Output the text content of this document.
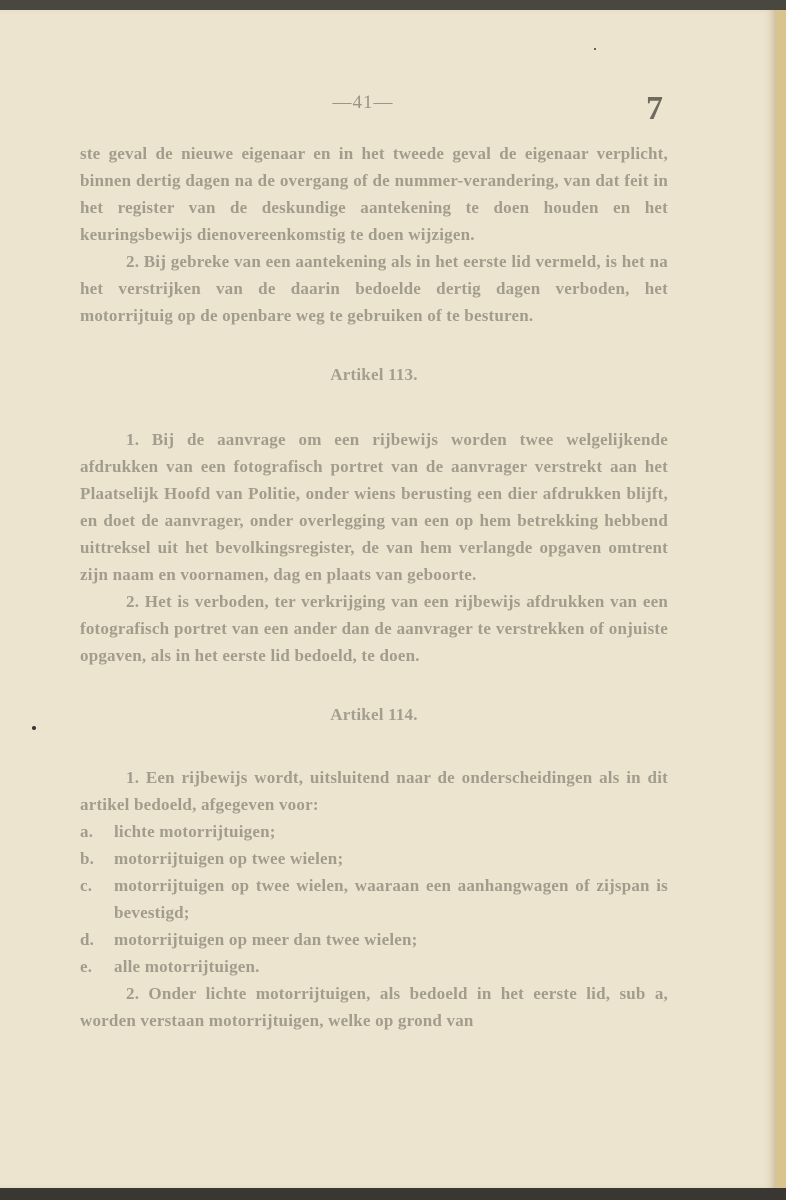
—41—	7

ste geval de nieuwe eigenaar en in het tweede geval de eigenaar verplicht, binnen dertig dagen na de overgang of de nummer-verandering, van dat feit in het register van de deskundige aantekening te doen houden en het keuringsbewijs dienovereenkomstig te doen wijzigen.

2. Bij gebreke van een aantekening als in het eerste lid vermeld, is het na het verstrijken van de daarin bedoelde dertig dagen verboden, het motorrijtuig op de openbare weg te gebruiken of te besturen.

Artikel 113.

1. Bij de aanvrage om een rijbewijs worden twee welgelijkende afdrukken van een fotografisch portret van de aanvrager verstrekt aan het Plaatselijk Hoofd van Politie, onder wiens berusting een dier afdrukken blijft, en doet de aanvrager, onder overlegging van een op hem betrekking hebbend uittreksel uit het bevolkingsregister, de van hem verlangde opgaven omtrent zijn naam en voornamen, dag en plaats van geboorte.

2. Het is verboden, ter verkrijging van een rijbewijs afdrukken van een fotografisch portret van een ander dan de aanvrager te verstrekken of onjuiste opgaven, als in het eerste lid bedoeld, te doen.

Artikel 114.

1. Een rijbewijs wordt, uitsluitend naar de onderscheidingen als in dit artikel bedoeld, afgegeven voor:

a. lichte motorrijtuigen;
b. motorrijtuigen op twee wielen;
c. motorrijtuigen op twee wielen, waaraan een aanhangwagen of zijspan is bevestigd;
d. motorrijtuigen op meer dan twee wielen;
e. alle motorrijtuigen.

2. Onder lichte motorrijtuigen, als bedoeld in het eerste lid, sub a, worden verstaan motorrijtuigen, welke op grond van
